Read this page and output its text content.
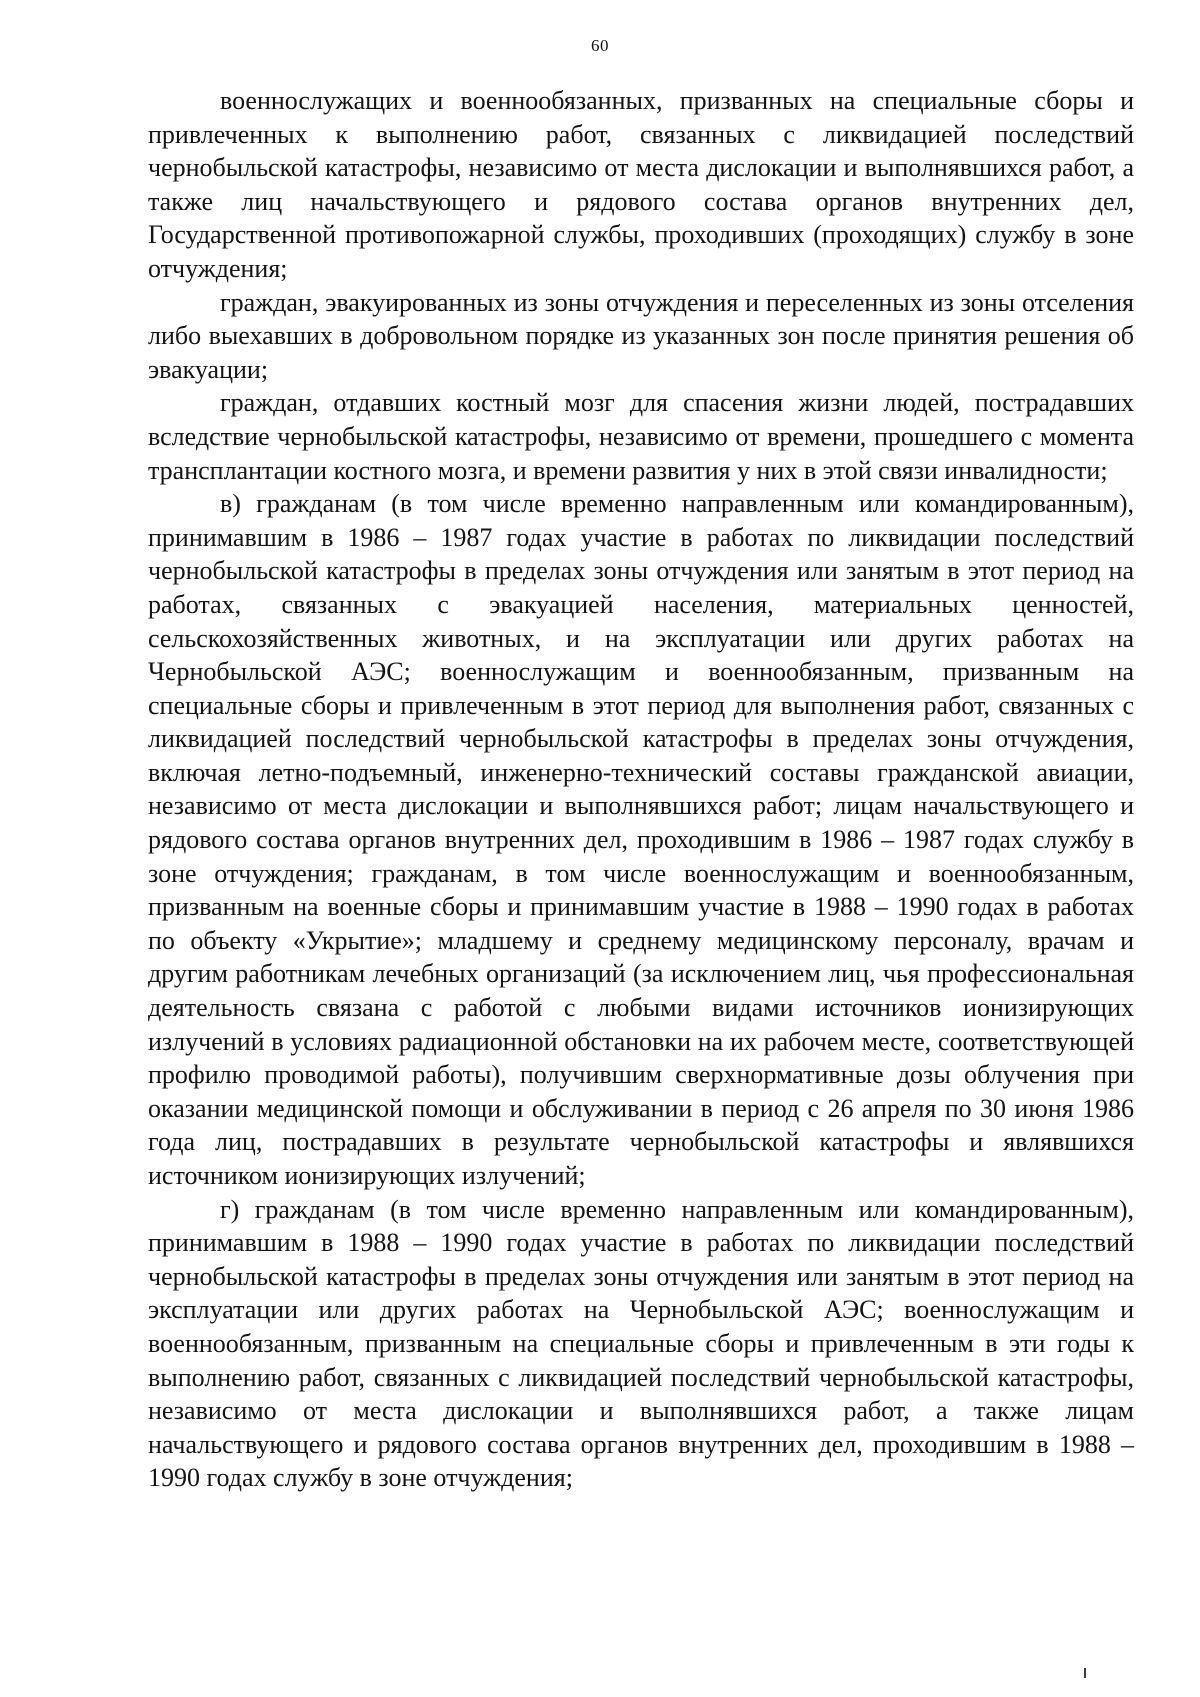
60

военнослужащих и военнообязанных, призванных на специальные сборы и привлеченных к выполнению работ, связанных с ликвидацией последствий чернобыльской катастрофы, независимо от места дислокации и выполнявшихся работ, а также лиц начальствующего и рядового состава органов внутренних дел, Государственной противопожарной службы, проходивших (проходящих) службу в зоне отчуждения;

граждан, эвакуированных из зоны отчуждения и переселенных из зоны отселения либо выехавших в добровольном порядке из указанных зон после принятия решения об эвакуации;

граждан, отдавших костный мозг для спасения жизни людей, пострадавших вследствие чернобыльской катастрофы, независимо от времени, прошедшего с момента трансплантации костного мозга, и времени развития у них в этой связи инвалидности;

в) гражданам (в том числе временно направленным или командированным), принимавшим в 1986 – 1987 годах участие в работах по ликвидации последствий чернобыльской катастрофы в пределах зоны отчуждения или занятым в этот период на работах, связанных с эвакуацией населения, материальных ценностей, сельскохозяйственных животных, и на эксплуатации или других работах на Чернобыльской АЭС; военнослужащим и военнообязанным, призванным на специальные сборы и привлеченным в этот период для выполнения работ, связанных с ликвидацией последствий чернобыльской катастрофы в пределах зоны отчуждения, включая летно-подъемный, инженерно-технический составы гражданской авиации, независимо от места дислокации и выполнявшихся работ; лицам начальствующего и рядового состава органов внутренних дел, проходившим в 1986 – 1987 годах службу в зоне отчуждения; гражданам, в том числе военнослужащим и военнообязанным, призванным на военные сборы и принимавшим участие в 1988 – 1990 годах в работах по объекту «Укрытие»; младшему и среднему медицинскому персоналу, врачам и другим работникам лечебных организаций (за исключением лиц, чья профессиональная деятельность связана с работой с любыми видами источников ионизирующих излучений в условиях радиационной обстановки на их рабочем месте, соответствующей профилю проводимой работы), получившим сверхнормативные дозы облучения при оказании медицинской помощи и обслуживании в период с 26 апреля по 30 июня 1986 года лиц, пострадавших в результате чернобыльской катастрофы и являвшихся источником ионизирующих излучений;

г) гражданам (в том числе временно направленным или командированным), принимавшим в 1988 – 1990 годах участие в работах по ликвидации последствий чернобыльской катастрофы в пределах зоны отчуждения или занятым в этот период на эксплуатации или других работах на Чернобыльской АЭС; военнослужащим и военнообязанным, призванным на специальные сборы и привлеченным в эти годы к выполнению работ, связанных с ликвидацией последствий чернобыльской катастрофы, независимо от места дислокации и выполнявшихся работ, а также лицам начальствующего и рядового состава органов внутренних дел, проходившим в 1988 – 1990 годах службу в зоне отчуждения;
